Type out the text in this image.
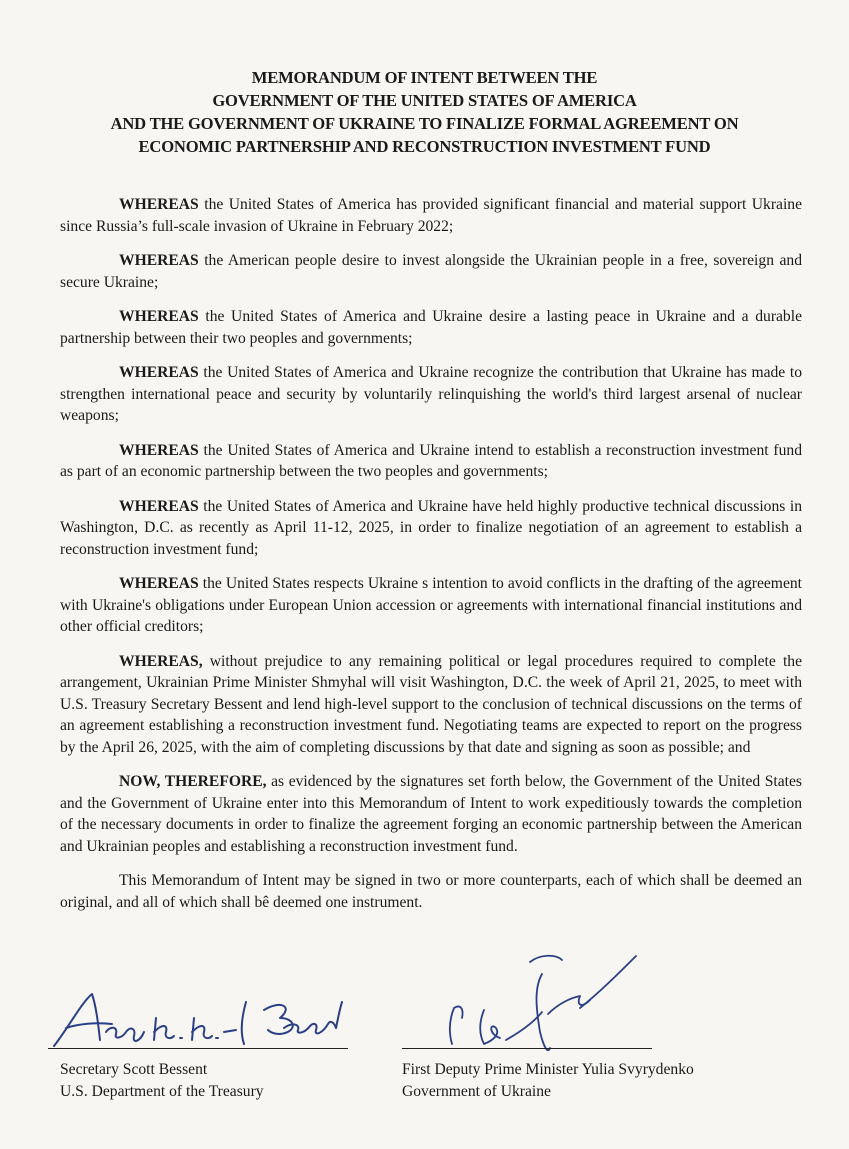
MEMORANDUM OF INTENT BETWEEN THE
GOVERNMENT OF THE UNITED STATES OF AMERICA
AND THE GOVERNMENT OF UKRAINE TO FINALIZE FORMAL AGREEMENT ON
ECONOMIC PARTNERSHIP AND RECONSTRUCTION INVESTMENT FUND

WHEREAS the United States of America has provided significant financial and material support Ukraine since Russia’s full-scale invasion of Ukraine in February 2022;

WHEREAS the American people desire to invest alongside the Ukrainian people in a free, sovereign and secure Ukraine;

WHEREAS the United States of America and Ukraine desire a lasting peace in Ukraine and a durable partnership between their two peoples and governments;

WHEREAS the United States of America and Ukraine recognize the contribution that Ukraine has made to strengthen international peace and security by voluntarily relinquishing the world's third largest arsenal of nuclear weapons;

WHEREAS the United States of America and Ukraine intend to establish a reconstruction investment fund as part of an economic partnership between the two peoples and governments;

WHEREAS the United States of America and Ukraine have held highly productive technical discussions in Washington, D.C. as recently as April 11-12, 2025, in order to finalize negotiation of an agreement to establish a reconstruction investment fund;

WHEREAS the United States respects Ukraine s intention to avoid conflicts in the drafting of the agreement with Ukraine's obligations under European Union accession or agreements with international financial institutions and other official creditors;

WHEREAS, without prejudice to any remaining political or legal procedures required to complete the arrangement, Ukrainian Prime Minister Shmyhal will visit Washington, D.C. the week of April 21, 2025, to meet with U.S. Treasury Secretary Bessent and lend high-level support to the conclusion of technical discussions on the terms of an agreement establishing a reconstruction investment fund. Negotiating teams are expected to report on the progress by the April 26, 2025, with the aim of completing discussions by that date and signing as soon as possible; and

NOW, THEREFORE, as evidenced by the signatures set forth below, the Government of the United States and the Government of Ukraine enter into this Memorandum of Intent to work expeditiously towards the completion of the necessary documents in order to finalize the agreement forging an economic partnership between the American and Ukrainian peoples and establishing a reconstruction investment fund.

This Memorandum of Intent may be signed in two or more counterparts, each of which shall be deemed an original, and all of which shall bê deemed one instrument.

Secretary Scott Bessent
U.S. Department of the Treasury
First Deputy Prime Minister Yulia Svyrydenko
Government of Ukraine
